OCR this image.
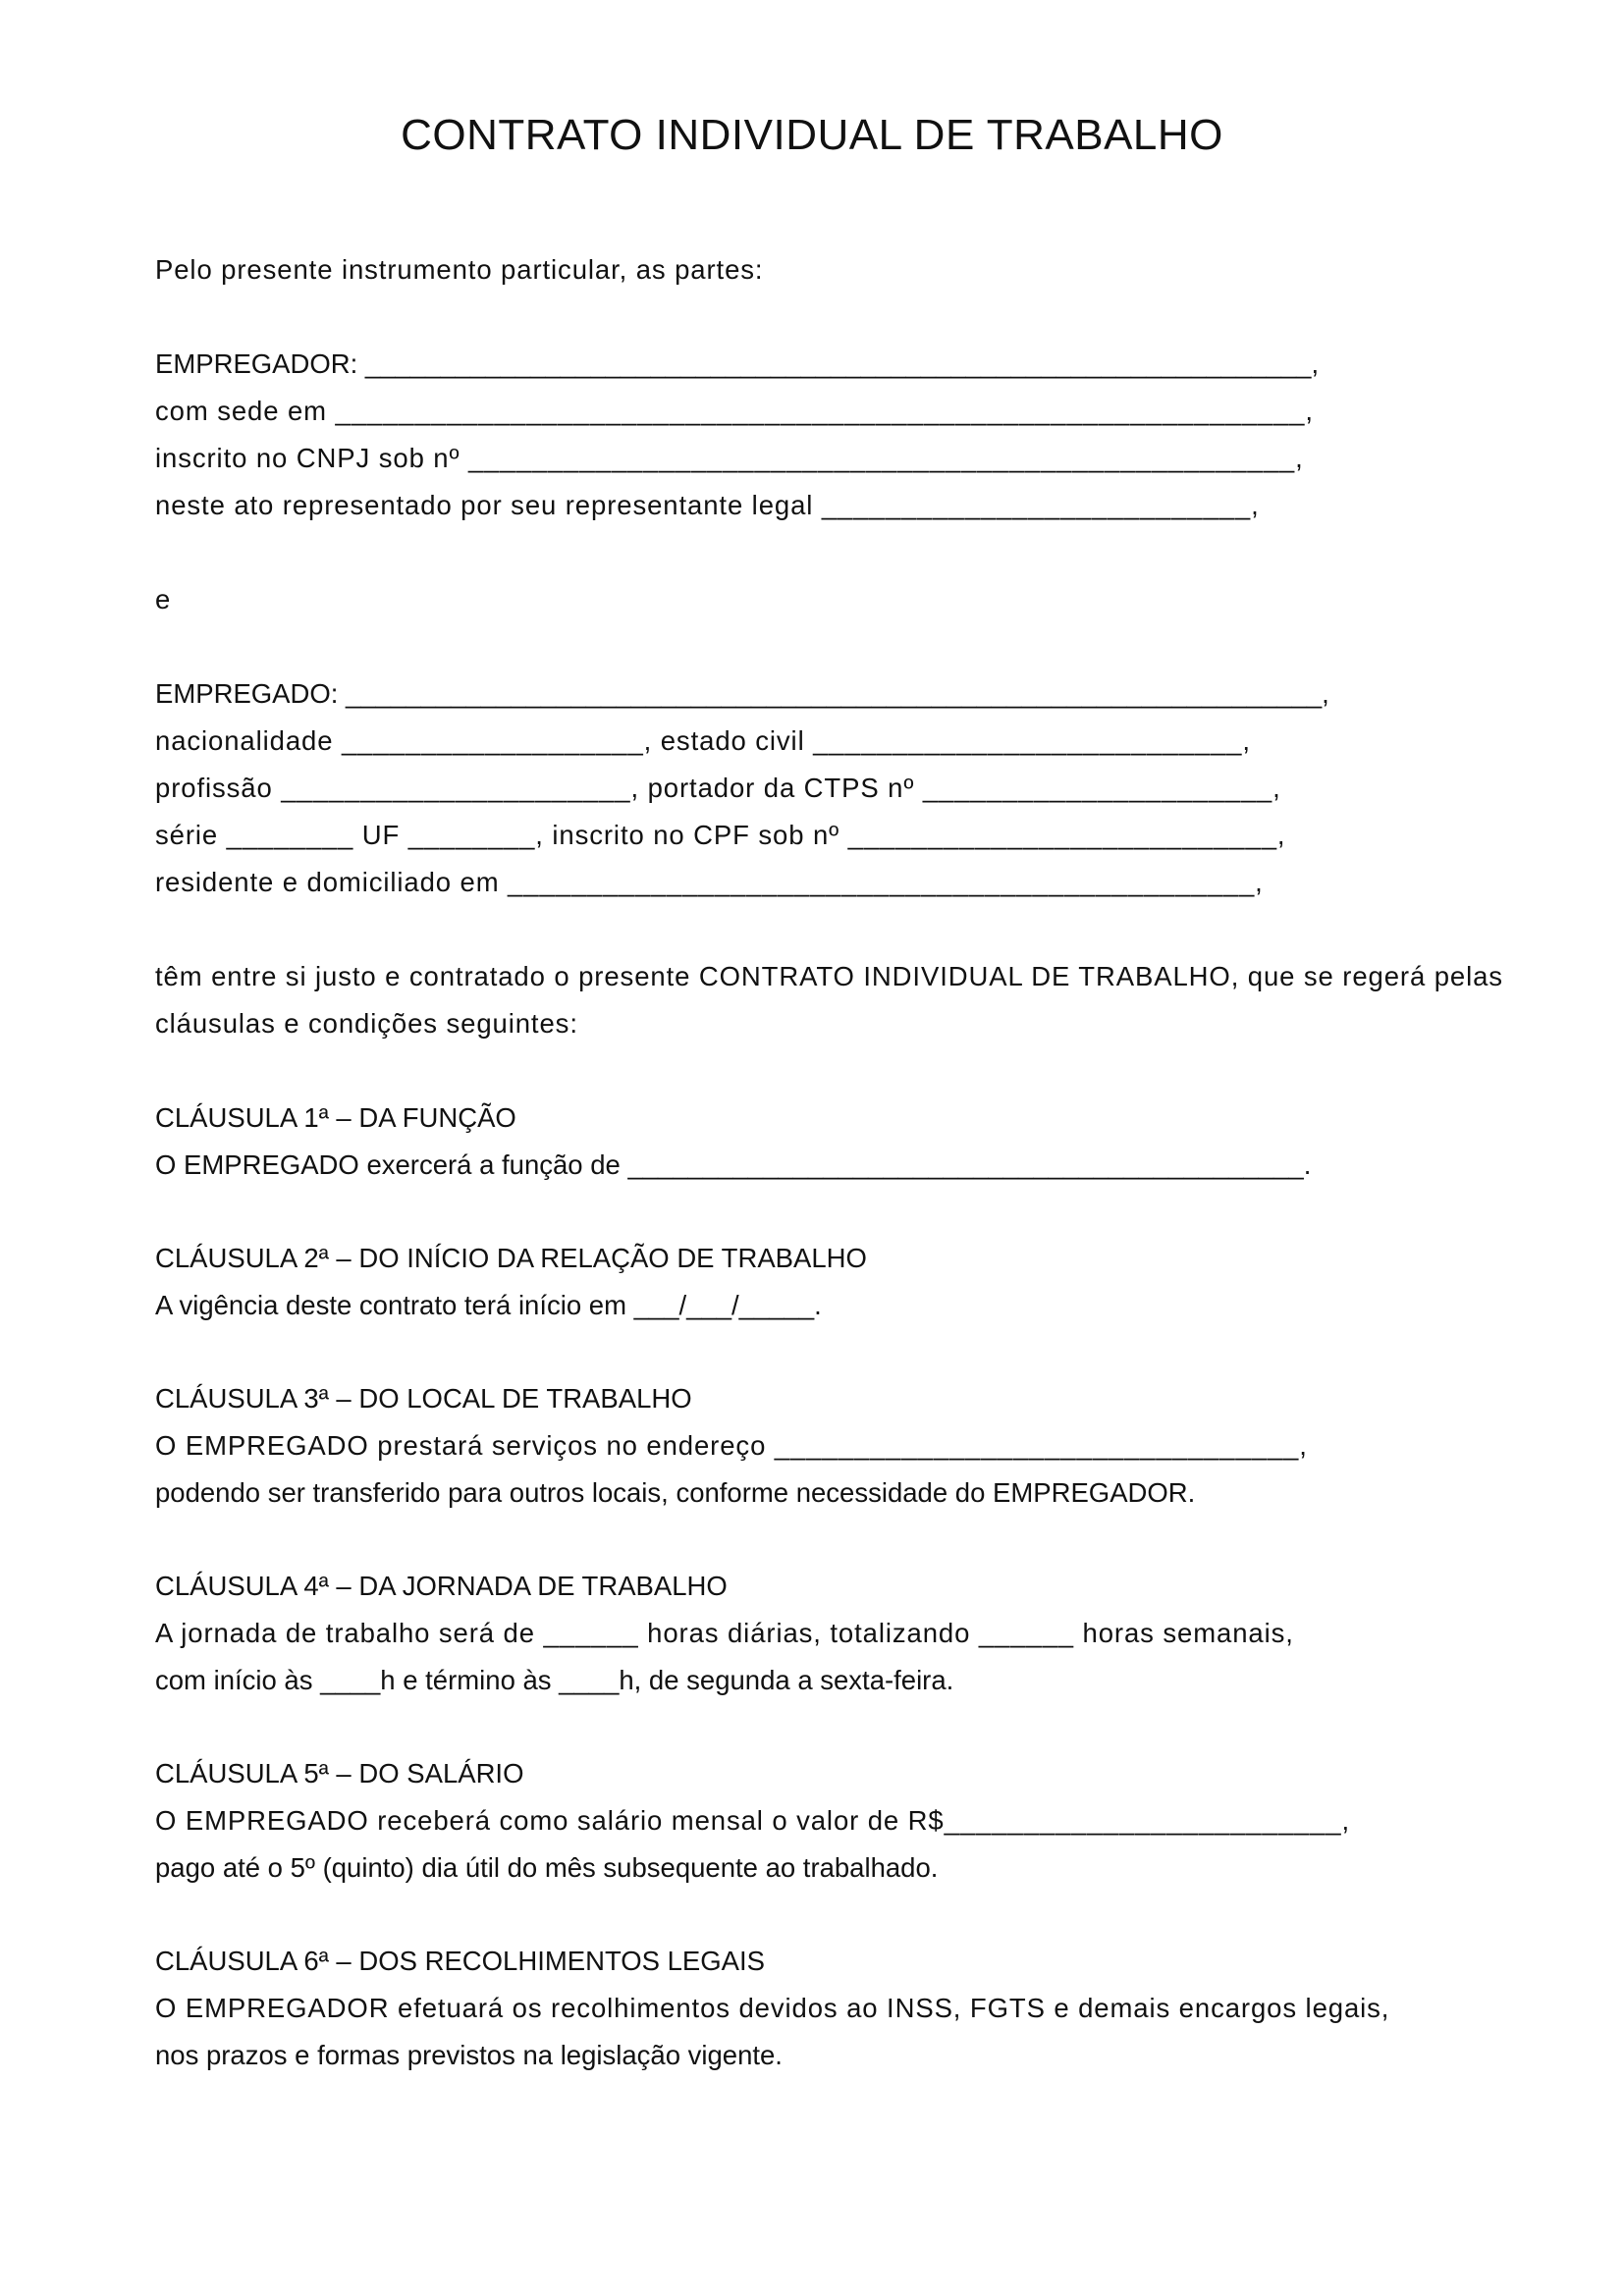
CONTRATO INDIVIDUAL DE TRABALHO
Pelo presente instrumento particular, as partes:
EMPREGADOR: _______________________________________________________________,
com sede em _____________________________________________________________,
inscrito no CNPJ sob nº ____________________________________________________,
neste ato representado por seu representante legal ___________________________,
e
EMPREGADO: _________________________________________________________________,
nacionalidade ___________________, estado civil ___________________________,
profissão ______________________, portador da CTPS nº ______________________,
série ________ UF ________, inscrito no CPF sob nº ___________________________,
residente e domiciliado em _______________________________________________,
têm entre si justo e contratado o presente CONTRATO INDIVIDUAL DE TRABALHO, que se regerá pelas
cláusulas e condições seguintes:
CLÁUSULA 1ª – DA FUNÇÃO
O EMPREGADO exercerá a função de _____________________________________________.
CLÁUSULA 2ª – DO INÍCIO DA RELAÇÃO DE TRABALHO
A vigência deste contrato terá início em ___/___/_____.
CLÁUSULA 3ª – DO LOCAL DE TRABALHO
O EMPREGADO prestará serviços no endereço _________________________________,
podendo ser transferido para outros locais, conforme necessidade do EMPREGADOR.
CLÁUSULA 4ª – DA JORNADA DE TRABALHO
A jornada de trabalho será de ______ horas diárias, totalizando ______ horas semanais,
com início às ____h e término às ____h, de segunda a sexta-feira.
CLÁUSULA 5ª – DO SALÁRIO
O EMPREGADO receberá como salário mensal o valor de R$_________________________,
pago até o 5º (quinto) dia útil do mês subsequente ao trabalhado.
CLÁUSULA 6ª – DOS RECOLHIMENTOS LEGAIS
O EMPREGADOR efetuará os recolhimentos devidos ao INSS, FGTS e demais encargos legais,
nos prazos e formas previstos na legislação vigente.
